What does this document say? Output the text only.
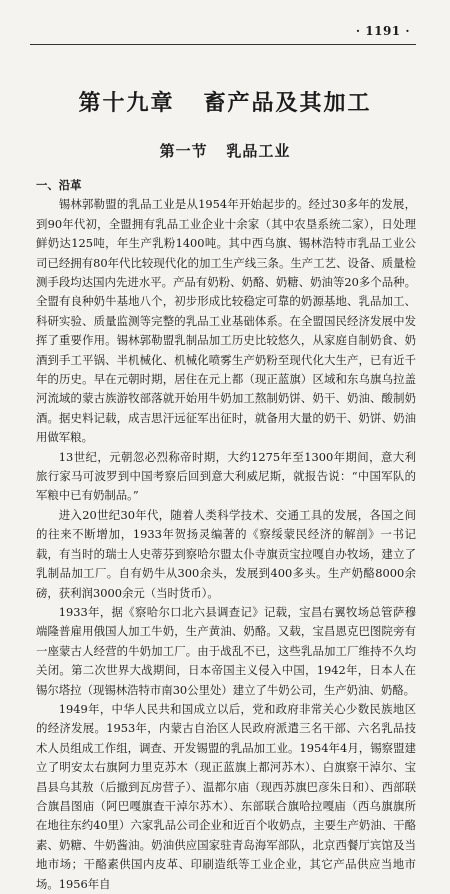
· 1191 ·
第十九章   畜产品及其加工
第一节   乳品工业
一、沿革

锡林郭勒盟的乳品工业是从1954年开始起步的。经过30多年的发展，到90年代初，全盟拥有乳品工业企业十余家（其中农垦系统二家），日处理鲜奶达125吨，年生产乳粉1400吨。其中西乌旗、锡林浩特市乳品工业公司已经拥有80年代比较现代化的加工生产线三条。生产工艺、设备、质量检测手段均达国内先进水平。产品有奶粉、奶酪、奶糖、奶油等20多个品种。全盟有良种奶牛基地八个，初步形成比较稳定可靠的奶源基地、乳品加工、科研实验、质量监测等完整的乳品工业基础体系。在全盟国民经济发展中发挥了重要作用。锡林郭勒盟乳制品加工历史比较悠久，从家庭自制奶食、奶酒到手工平锅、半机械化、机械化喷雾生产奶粉至现代化大生产，已有近千年的历史。早在元朝时期，居住在元上都（现正蓝旗）区域和东乌旗乌拉盖河流域的蒙古族游牧部落就开始用牛奶加工熬制奶饼、奶干、奶油、酸制奶酒。据史料记载，成吉思汗远征军出征时，就备用大量的奶干、奶饼、奶油用做军粮。

13世纪，元朝忽必烈称帝时期，大约1275年至1300年期间，意大利旅行家马可波罗到中国考察后回到意大利威尼斯，就报告说：“中国军队的军粮中已有奶制品。”

进入20世纪30年代，随着人类科学技术、交通工具的发展，各国之间的往来不断增加，1933年贺扬灵编著的《察绥蒙民经济的解剖》一书记载，有当时的瑞士人史蒂芬到察哈尔盟太仆寺旗贡宝拉嘎自办牧场，建立了乳制品加工厂。自有奶牛从300余头，发展到400多头。生产奶酪8000余磅，获利润3000余元（当时货币）。

1933年，据《察哈尔口北六县调查记》记载，宝昌右翼牧场总管萨穆端隆普雇用俄国人加工牛奶，生产黄油、奶酪。又载，宝昌恩克巴图院旁有一座蒙古人经营的牛奶加工厂。由于战乱不已，这些乳品加工厂维持不久均关闭。第二次世界大战期间，日本帝国主义侵入中国，1942年，日本人在锡尔塔拉（现锡林浩特市南30公里处）建立了牛奶公司，生产奶油、奶酪。

1949年，中华人民共和国成立以后，党和政府非常关心少数民族地区的经济发展。1953年，内蒙古自治区人民政府派遣三名干部、六名乳品技术人员组成工作组，调查、开发锡盟的乳品加工业。1954年4月，锡察盟建立了明安太右旗阿力里克苏木（现正蓝旗上都河苏木）、白旗察干淖尔、宝昌县乌其敖（后撤到瓦房营子）、温都尔庙（现西苏旗巴彦朱日和）、西部联合旗昌图庙（阿巴嘎旗查干淖尔苏木）、东部联合旗哈拉嘎庙（西乌旗旗所在地往东约40里）六家乳品公司企业和近百个收奶点，主要生产奶油、干酪素、奶糖、牛奶酱油。奶油供应国家驻青岛海军部队，北京西餐厅宾馆及当地市场；干酪素供国内皮革、印刷造纸等工业企业，其它产品供应当地市场。1956年自
